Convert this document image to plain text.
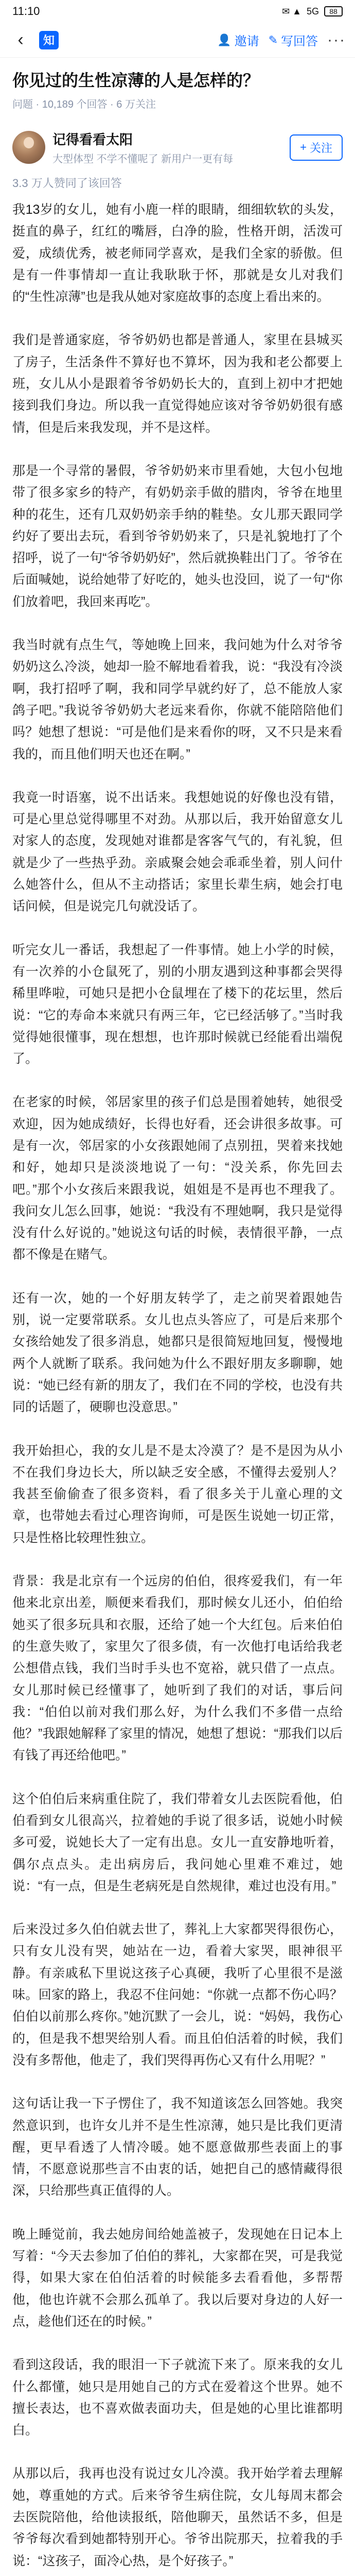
11:10	✉ ▲ 5G 88
‹	知	👤 邀请 ✎ 写回答 ···
你见过的生性凉薄的人是怎样的？
问题 · 10,189 个回答 · 6 万关注
记得看看太阳
大型体型 不学不懂呢了 新用户一更有每
+ 关注
3.3 万人赞同了该回答

我13岁的女儿，她有小鹿一样的眼睛，细细软软的头发，挺直的鼻子，红红的嘴唇，白净的脸，性格开朗，活泼可爱，成绩优秀，被老师同学喜欢，是我们全家的骄傲。但是有一件事情却一直让我耿耿于怀，那就是女儿对我们的“生性凉薄”也是我从她对家庭故事的态度上看出来的。

我们是普通家庭，爷爷奶奶也都是普通人，家里在县城买了房子，生活条件不算好也不算坏，因为我和老公都要上班，女儿从小是跟着爷爷奶奶长大的，直到上初中才把她接到我们身边。所以我一直觉得她应该对爷爷奶奶很有感情，但是后来我发现，并不是这样。

那是一个寻常的暑假，爷爷奶奶来市里看她，大包小包地带了很多家乡的特产，有奶奶亲手做的腊肉，爷爷在地里种的花生，还有几双奶奶亲手纳的鞋垫。女儿那天跟同学约好了要出去玩，看到爷爷奶奶来了，只是礼貌地打了个招呼，说了一句“爷爷奶奶好”，然后就换鞋出门了。爷爷在后面喊她，说给她带了好吃的，她头也没回，说了一句“你们放着吧，我回来再吃”。

我当时就有点生气，等她晚上回来，我问她为什么对爷爷奶奶这么冷淡，她却一脸不解地看着我，说：“我没有冷淡啊，我打招呼了啊，我和同学早就约好了，总不能放人家鸽子吧。”我说爷爷奶奶大老远来看你，你就不能陪陪他们吗？她想了想说：“可是他们是来看你的呀，又不只是来看我的，而且他们明天也还在啊。”

我竟一时语塞，说不出话来。我想她说的好像也没有错，可是心里总觉得哪里不对劲。从那以后，我开始留意女儿对家人的态度，发现她对谁都是客客气气的，有礼貌，但就是少了一些热乎劲。亲戚聚会她会乖乖坐着，别人问什么她答什么，但从不主动搭话；家里长辈生病，她会打电话问候，但是说完几句就没话了。

听完女儿一番话，我想起了一件事情。她上小学的时候，有一次养的小仓鼠死了，别的小朋友遇到这种事都会哭得稀里哗啦，可她只是把小仓鼠埋在了楼下的花坛里，然后说：“它的寿命本来就只有两三年，它已经活够了。”当时我觉得她很懂事，现在想想，也许那时候就已经能看出端倪了。

在老家的时候，邻居家里的孩子们总是围着她转，她很受欢迎，因为她成绩好，长得也好看，还会讲很多故事。可是有一次，邻居家的小女孩跟她闹了点别扭，哭着来找她和好，她却只是淡淡地说了一句：“没关系，你先回去吧。”那个小女孩后来跟我说，姐姐是不是再也不理我了。我问女儿怎么回事，她说：“我没有不理她啊，我只是觉得没有什么好说的。”她说这句话的时候，表情很平静，一点都不像是在赌气。

还有一次，她的一个好朋友转学了，走之前哭着跟她告别，说一定要常联系。女儿也点头答应了，可是后来那个女孩给她发了很多消息，她都只是很简短地回复，慢慢地两个人就断了联系。我问她为什么不跟好朋友多聊聊，她说：“她已经有新的朋友了，我们在不同的学校，也没有共同的话题了，硬聊也没意思。”

我开始担心，我的女儿是不是太冷漠了？是不是因为从小不在我们身边长大，所以缺乏安全感，不懂得去爱别人？我甚至偷偷查了很多资料，看了很多关于儿童心理的文章，也带她去看过心理咨询师，可是医生说她一切正常，只是性格比较理性独立。

背景：我是北京有一个远房的伯伯，很疼爱我们，有一年他来北京出差，顺便来看我们，那时候女儿还小，伯伯给她买了很多玩具和衣服，还给了她一个大红包。后来伯伯的生意失败了，家里欠了很多债，有一次他打电话给我老公想借点钱，我们当时手头也不宽裕，就只借了一点点。女儿那时候已经懂事了，她听到了我们的对话，事后问我：“伯伯以前对我们那么好，为什么我们不多借一点给他？”我跟她解释了家里的情况，她想了想说：“那我们以后有钱了再还给他吧。”

这个伯伯后来病重住院了，我们带着女儿去医院看他，伯伯看到女儿很高兴，拉着她的手说了很多话，说她小时候多可爱，说她长大了一定有出息。女儿一直安静地听着，偶尔点点头。走出病房后，我问她心里难不难过，她说：“有一点，但是生老病死是自然规律，难过也没有用。”

后来没过多久伯伯就去世了，葬礼上大家都哭得很伤心，只有女儿没有哭，她站在一边，看着大家哭，眼神很平静。有亲戚私下里说这孩子心真硬，我听了心里很不是滋味。回家的路上，我忍不住问她：“你就一点都不伤心吗？伯伯以前那么疼你。”她沉默了一会儿，说：“妈妈，我伤心的，但是我不想哭给别人看。而且伯伯活着的时候，我们没有多帮他，他走了，我们哭得再伤心又有什么用呢？”

这句话让我一下子愣住了，我不知道该怎么回答她。我突然意识到，也许女儿并不是生性凉薄，她只是比我们更清醒，更早看透了人情冷暖。她不愿意做那些表面上的事情，不愿意说那些言不由衷的话，她把自己的感情藏得很深，只给那些真正值得的人。

晚上睡觉前，我去她房间给她盖被子，发现她在日记本上写着：“今天去参加了伯伯的葬礼，大家都在哭，可是我觉得，如果大家在伯伯活着的时候能多去看看他，多帮帮他，他也许就不会那么孤单了。我以后要对身边的人好一点，趁他们还在的时候。”

看到这段话，我的眼泪一下子就流下来了。原来我的女儿什么都懂，她只是用她自己的方式在爱着这个世界。她不擅长表达，也不喜欢做表面功夫，但是她的心里比谁都明白。

从那以后，我再也没有说过女儿冷漠。我开始学着去理解她，尊重她的方式。后来爷爷生病住院，女儿每周末都会去医院陪他，给他读报纸，陪他聊天，虽然话不多，但是爷爷每次看到她都特别开心。爷爷出院那天，拉着我的手说：“这孩子，面冷心热，是个好孩子。”
